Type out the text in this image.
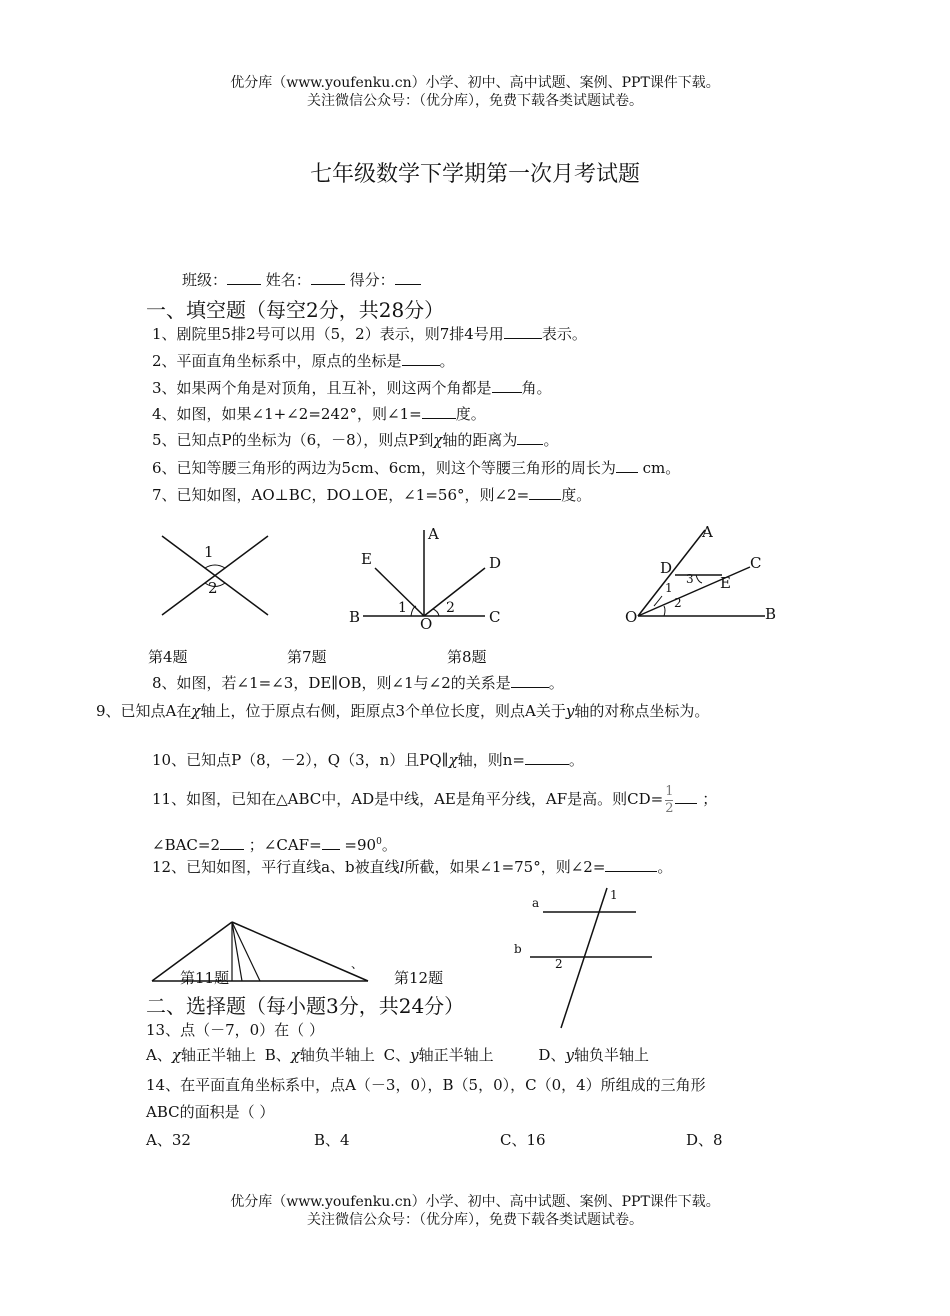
优分库（www.youfenku.cn）小学、初中、高中试题、案例、PPT课件下载。
关注微信公众号：（优分库），免费下载各类试题试卷。
七年级数学下学期第一次月考试题
班级：	姓名：	得分：
一、填空题（每空2分，共28分）
1、剧院里5排2号可以用（5，2）表示，则7排4号用	表示。
2、平面直角坐标系中，原点的坐标是	。
3、如果两个角是对顶角，且互补，则这两个角都是 角。
4、如图，如果∠1+∠2=242°，则∠1= 度。
5、已知点P的坐标为（6，－8），则点P到χ轴的距离为 。
6、已知等腰三角形的两边为5cm、6cm，则这个等腰三角形的周长为 cm。
7、已知如图，AO⊥BC，DO⊥OE，∠1=56°，则∠2= 度。
1
2
A
E	D
B	C
O
1	2
A
C
D
E
O	B
1
2
3
第4题	第7题	第8题
8、如图，若∠1=∠3，DE∥OB，则∠1与∠2的关系是	。
9、已知点A在χ轴上，位于原点右侧，距原点3个单位长度，则点A关于y轴的对称点坐标为。
10、已知点P（8，－2），Q（3，n）且PQ∥χ轴，则n=	。
11、如图，已知在△ABC中，AD是中线，AE是角平分线，AF是高。则$CD= \frac{1}{2}$ ；
∠BAC=2 ；∠CAF= $=90^0$。
12、已知如图，平行直线a、b被直线l所截，如果∠1=75°，则∠2=	。
、
第11题	第12题
a
b
1
2
二、选择题（每小题3分，共24分）
13、点（－7，0）在（ ）
A、χ轴正半轴上 B、χ轴负半轴上 C、y轴正半轴上	D、y轴负半轴上
14、在平面直角坐标系中，点A（－3，0），B（5，0），C（0，4）所组成的三角形
ABC的面积是（ ）
A、32	B、4	C、16	D、8
优分库（www.youfenku.cn）小学、初中、高中试题、案例、PPT课件下载。
关注微信公众号：（优分库），免费下载各类试题试卷。
